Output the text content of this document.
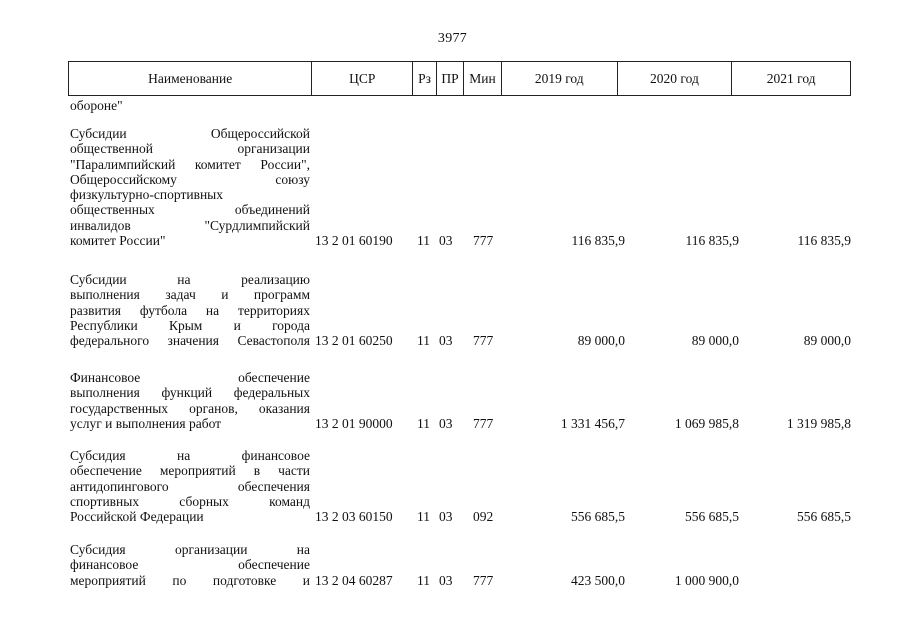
3977
Наименование	ЦСР	Рз ПР Мин	2019 год	2020 год	2021 год
обороне"
Субсидии Общероссийской
общественной организации
"Паралимпийский комитет России",
Общероссийскому союзу
физкультурно-спортивных
общественных объединений
инвалидов "Сурдлимпийский
комитет России"	13 2 01 60190 11 03 777	116 835,9	116 835,9	116 835,9
Субсидии на реализацию
выполнения задач и программ
развития футбола на территориях
Республики Крым и города
федерального значения Севастополя 13 2 01 60250 11 03 777	89 000,0	89 000,0	89 000,0
Финансовое обеспечение
выполнения функций федеральных
государственных органов, оказания
услуг и выполнения работ	13 2 01 90000 11 03 777	1 331 456,7	1 069 985,8	1 319 985,8
Субсидия на финансовое
обеспечение мероприятий в части
антидопингового обеспечения
спортивных сборных команд
Российской Федерации	13 2 03 60150 11 03 092	556 685,5	556 685,5	556 685,5
Субсидия организации на
финансовое обеспечение
мероприятий по подготовке и 13 2 04 60287 11 03 777	423 500,0	1 000 900,0
